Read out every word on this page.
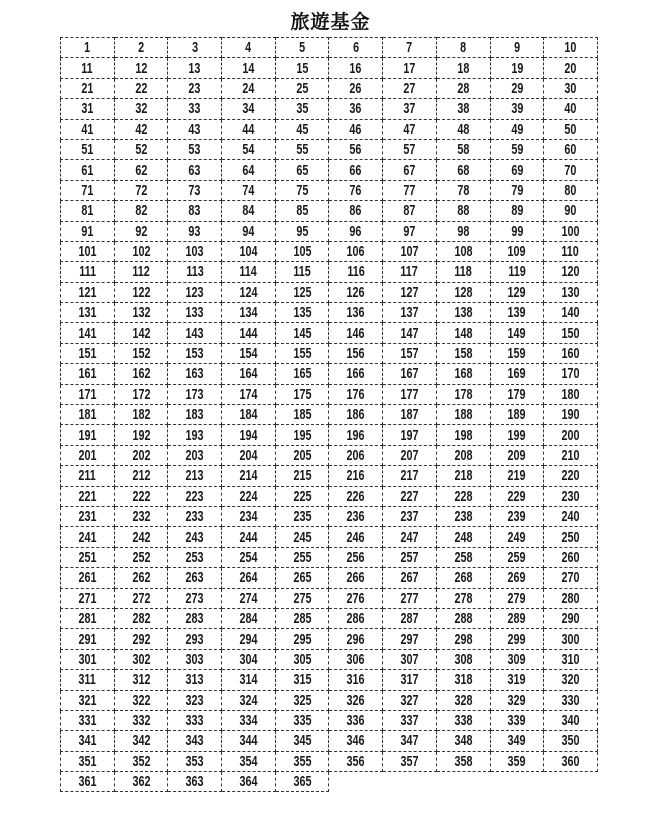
旅遊基金
1	2	3	4	5	6	7	8	9	10
11	12	13	14	15	16	17	18	19	20
21	22	23	24	25	26	27	28	29	30
31	32	33	34	35	36	37	38	39	40
41	42	43	44	45	46	47	48	49	50
51	52	53	54	55	56	57	58	59	60
61	62	63	64	65	66	67	68	69	70
71	72	73	74	75	76	77	78	79	80
81	82	83	84	85	86	87	88	89	90
91	92	93	94	95	96	97	98	99	100
101	102	103	104	105	106	107	108	109	110
111	112	113	114	115	116	117	118	119	120
121	122	123	124	125	126	127	128	129	130
131	132	133	134	135	136	137	138	139	140
141	142	143	144	145	146	147	148	149	150
151	152	153	154	155	156	157	158	159	160
161	162	163	164	165	166	167	168	169	170
171	172	173	174	175	176	177	178	179	180
181	182	183	184	185	186	187	188	189	190
191	192	193	194	195	196	197	198	199	200
201	202	203	204	205	206	207	208	209	210
211	212	213	214	215	216	217	218	219	220
221	222	223	224	225	226	227	228	229	230
231	232	233	234	235	236	237	238	239	240
241	242	243	244	245	246	247	248	249	250
251	252	253	254	255	256	257	258	259	260
261	262	263	264	265	266	267	268	269	270
271	272	273	274	275	276	277	278	279	280
281	282	283	284	285	286	287	288	289	290
291	292	293	294	295	296	297	298	299	300
301	302	303	304	305	306	307	308	309	310
311	312	313	314	315	316	317	318	319	320
321	322	323	324	325	326	327	328	329	330
331	332	333	334	335	336	337	338	339	340
341	342	343	344	345	346	347	348	349	350
351	352	353	354	355	356	357	358	359	360
361	362	363	364	365					
